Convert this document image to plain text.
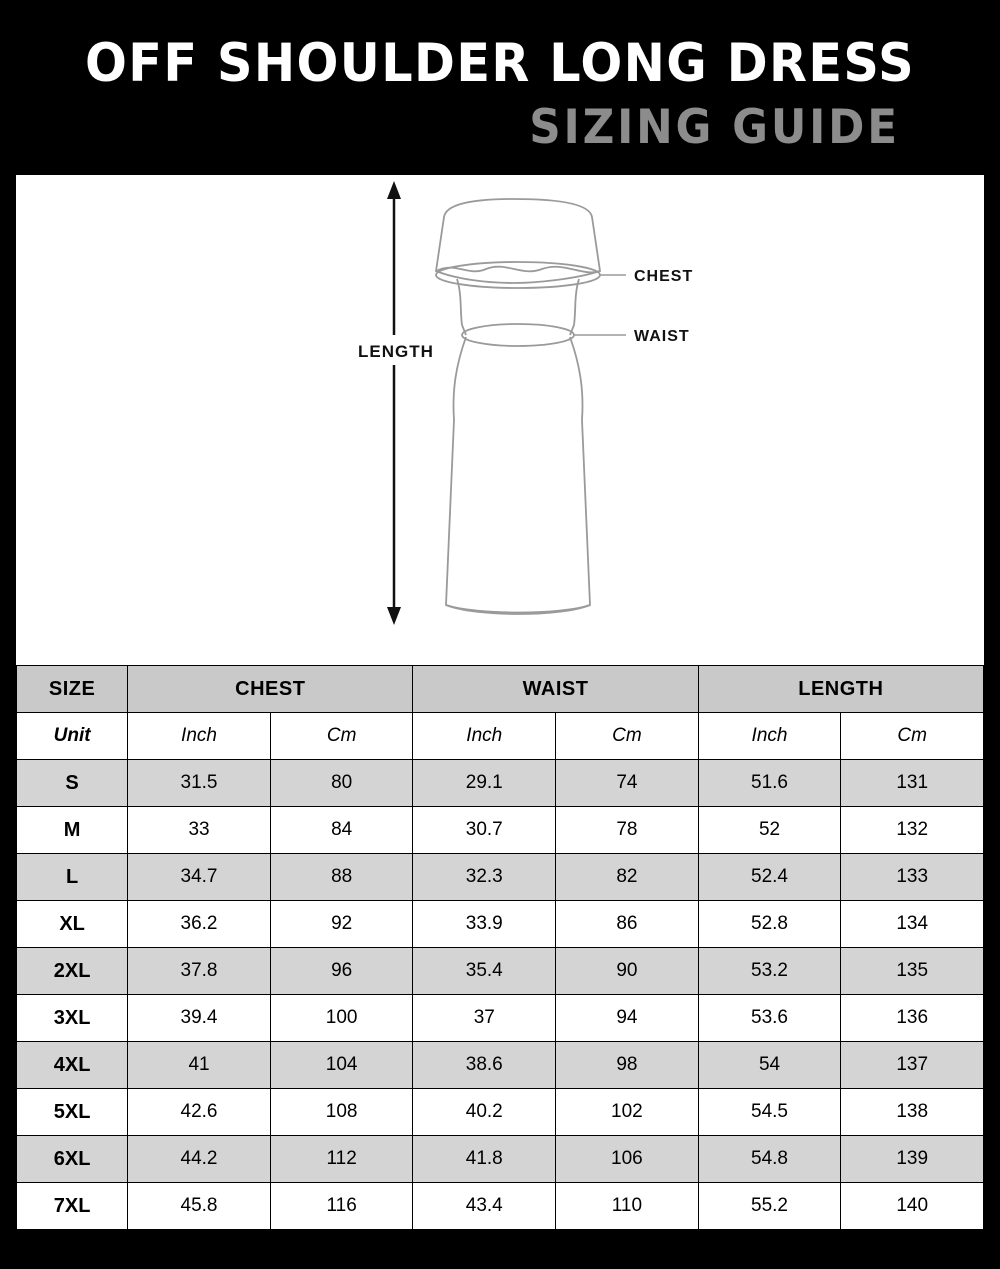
OFF SHOULDER LONG DRESS
SIZING GUIDE
LENGTH
CHEST
WAIST
SIZE	CHEST		WAIST		LENGTH	
Unit	Inch	Cm	Inch	Cm	Inch	Cm
S	31.5	80	29.1	74	51.6	131
M	33	84	30.7	78	52	132
L	34.7	88	32.3	82	52.4	133
XL	36.2	92	33.9	86	52.8	134
2XL	37.8	96	35.4	90	53.2	135
3XL	39.4	100	37	94	53.6	136
4XL	41	104	38.6	98	54	137
5XL	42.6	108	40.2	102	54.5	138
6XL	44.2	112	41.8	106	54.8	139
7XL	45.8	116	43.4	110	55.2	140
